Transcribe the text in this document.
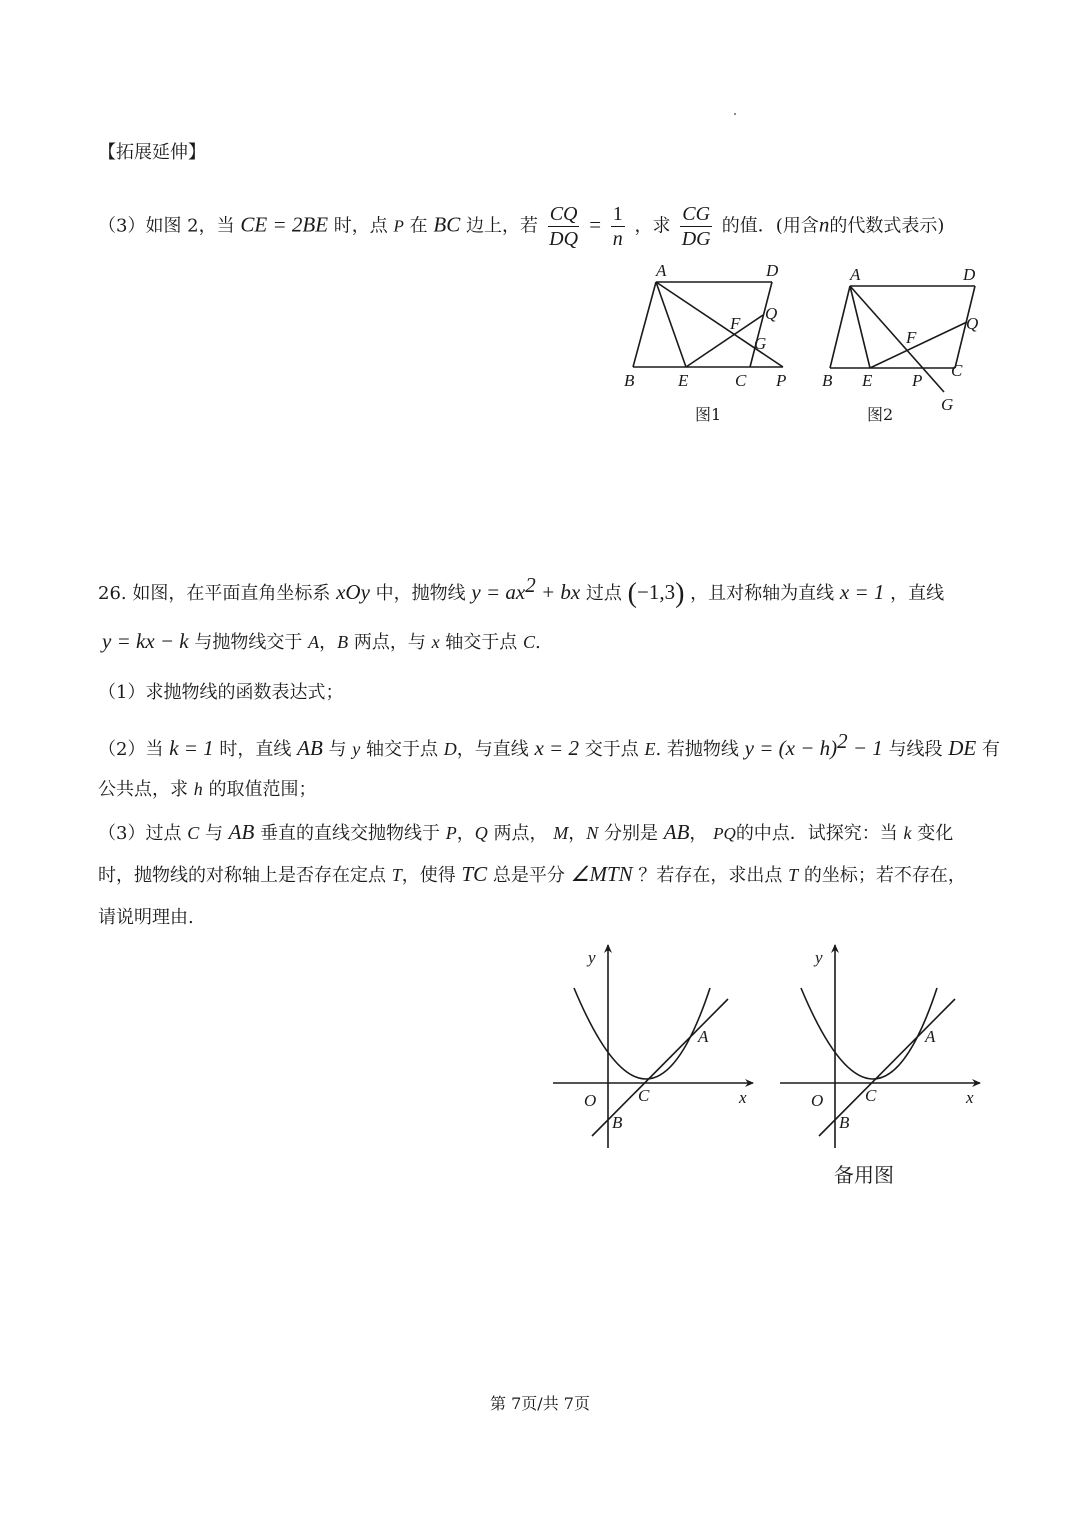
【拓展延伸】
（3）如图 2，当 CE = 2BE 时，点 P 在 BC 边上，若 $\frac{CQ}{DQ} = \frac{1}{n}$ ，求 $\frac{CG}{DG}$ 的值．(用含n的代数式表示)
A	D
F
Q
G
B	E	C P
图1
A	D
F
Q
B E P
C
G
图2
26. 如图，在平面直角坐标系 xOy 中，抛物线 $y = ax^2$ + bx 过点 (−1,3) ，且对称轴为直线 x = 1 ，直线
y = kx − k 与抛物线交于 A，B 两点，与 x 轴交于点 C.
（1）求抛物线的函数表达式；
（2）当 k = 1 时，直线 AB 与 y 轴交于点 D，与直线 x = 2 交于点 E. 若抛物线 $y = (x - h)^2 - 1$ 与线段 DE 有
公共点，求 h 的取值范围；
（3）过点 C 与 AB 垂直的直线交抛物线于 P，Q 两点， M，N 分别是 AB， PQ的中点．试探究：当 k 变化
时，抛物线的对称轴上是否存在定点 T，使得 TC 总是平分 ∠MTN ？若存在，求出点 T 的坐标；若不存在，
请说明理由.
y
x
O
A
B
C
y
x
O
A
B
C
备用图
第 7页/共 7页
